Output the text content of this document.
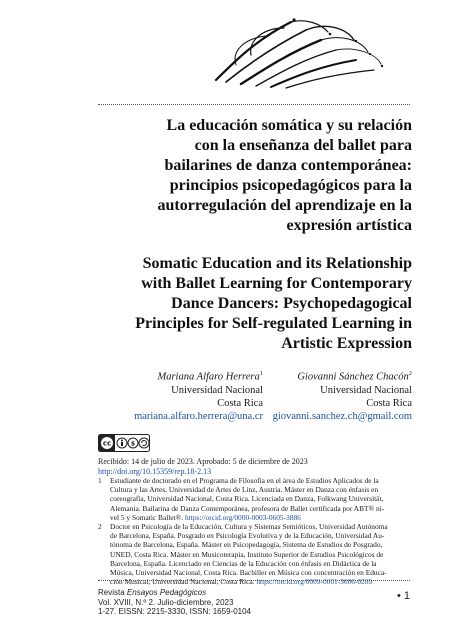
La educación somática y su relación
con la enseñanza del ballet para
bailarines de danza contemporánea:
principios psicopedagógicos para la
autorregulación del aprendizaje en la
expresión artística
Somatic Education and its Relationship
with Ballet Learning for Contemporary
Dance Dancers: Psychopedagogical
Principles for Self-regulated Learning in
Artistic Expression
Mariana Alfaro Herrera$^1$
Universidad Nacional
Costa Rica
mariana.alfaro.herrera@una.cr
Giovanni Sánchez Chacón$^2$
Universidad Nacional
Costa Rica
giovanni.sanchez.ch@gmail.com
cc	$
Recibido: 14 de julio de 2023. Aprobado: 5 de diciembre de 2023
http://doi.org/10.15359/rep.18-2.13
1	Estudiante de doctorado en el Programa de Filosofía en el área de Estudios Aplicados de la
Cultura y las Artes, Universidad de Artes de Linz, Austria. Máster en Danza con énfasis en
coreografía, Universidad Nacional, Costa Rica. Licenciada en Danza, Folkwang Universität,
Alemania. Bailarina de Danza Contemporánea, profesora de Ballet certificada por ABT® ni-
vel 5 y Somatic Ballet®. https://orcid.org/0000-0003-0605-3886
2	Doctor en Psicología de la Educación, Cultura y Sistemas Semióticos, Universidad Autónoma
de Barcelona, España. Posgrado en Psicología Evolutiva y de la Educación, Universidad Au-
tónoma de Barcelona, España. Máster en Psicopedagogía, Sistema de Estudios de Posgrado,
UNED, Costa Rica. Máster en Musicoterapia, Instituto Superior de Estudios Psicológicos de
Barcelona, España. Licenciado en Ciencias de la Educación con énfasis en Didáctica de la
Música, Universidad Nacional, Costa Rica. Bachiller en Música con concentración en Educa-
ción Musical, Universidad Nacional, Costa Rica. https://orcid.org/0009-0001-3606-0289
Revista Ensayos Pedagógicos
Vol. XVIII, N.º 2. Julio-diciembre, 2023
1-27. EISSN: 2215-3330, ISSN: 1659-0104
• 1
